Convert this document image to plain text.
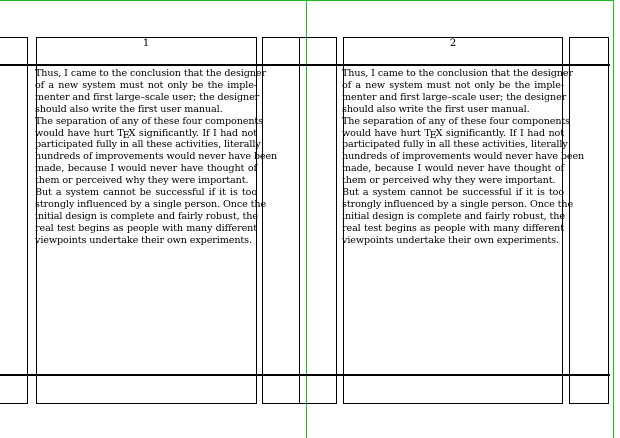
1
Thus, I came to the conclusion that the designer
of a new system must not only be the imple-
menter and first large–scale user; the designer
should also write the first user manual.
The separation of any of these four components
would have hurt TEX significantly. If I had not
participated fully in all these activities, literally
hundreds of improvements would never have been
made, because I would never have thought of
them or perceived why they were important.
But a system cannot be successful if it is too
strongly influenced by a single person. Once the
initial design is complete and fairly robust, the
real test begins as people with many different
viewpoints undertake their own experiments.
2
Thus, I came to the conclusion that the designer
of a new system must not only be the imple-
menter and first large–scale user; the designer
should also write the first user manual.
The separation of any of these four components
would have hurt TEX significantly. If I had not
participated fully in all these activities, literally
hundreds of improvements would never have been
made, because I would never have thought of
them or perceived why they were important.
But a system cannot be successful if it is too
strongly influenced by a single person. Once the
initial design is complete and fairly robust, the
real test begins as people with many different
viewpoints undertake their own experiments.
